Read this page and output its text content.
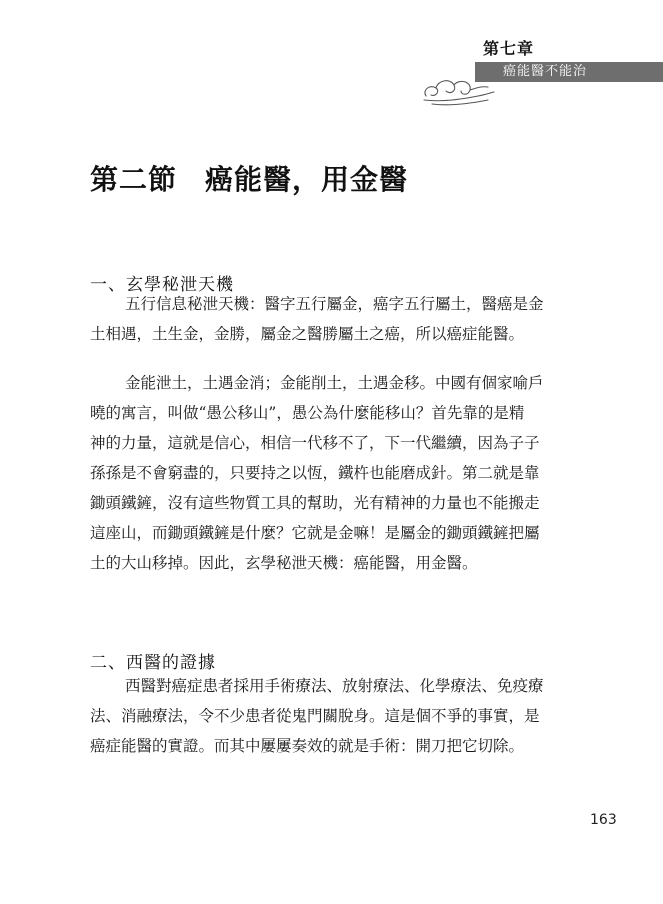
第七章
癌能醫不能治
第二節 癌能醫，用金醫
一、玄學秘泄天機
五行信息秘泄天機：醫字五行屬金，癌字五行屬土，醫癌是金
土相遇，土生金，金勝，屬金之醫勝屬土之癌，所以癌症能醫。
金能泄土，土遇金消；金能削土，土遇金移。中國有個家喻戶
曉的寓言，叫做“愚公移山”，愚公為什麼能移山？首先靠的是精
神的力量，這就是信心，相信一代移不了，下一代繼續，因為子子
孫孫是不會窮盡的，只要持之以恆，鐵杵也能磨成針。第二就是靠
鋤頭鐵鏟，沒有這些物質工具的幫助，光有精神的力量也不能搬走
這座山，而鋤頭鐵鏟是什麼？它就是金嘛！是屬金的鋤頭鐵鏟把屬
土的大山移掉。因此，玄學秘泄天機：癌能醫，用金醫。
二、西醫的證據
西醫對癌症患者採用手術療法、放射療法、化學療法、免疫療
法、消融療法，令不少患者從鬼門關脫身。這是個不爭的事實，是
癌症能醫的實證。而其中屢屢奏效的就是手術：開刀把它切除。
163
